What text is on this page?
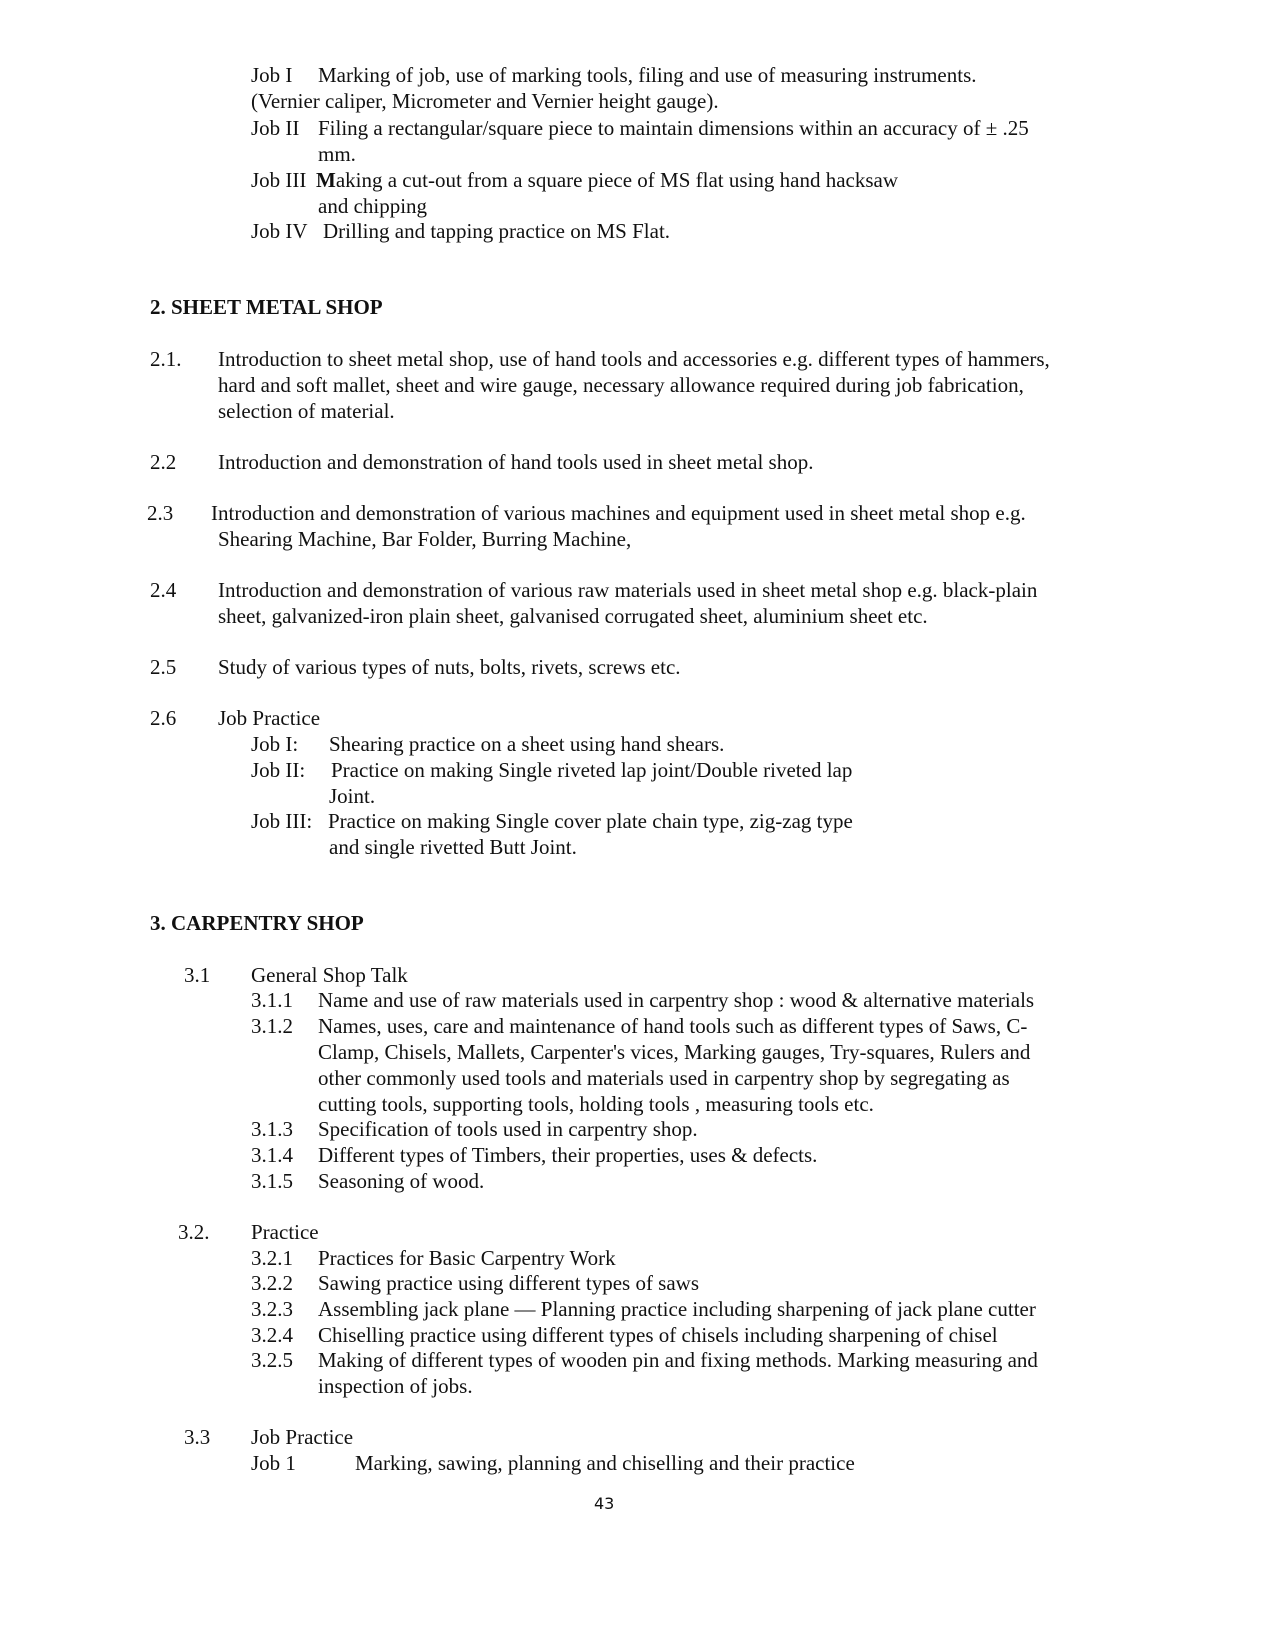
Job I Marking of job, use of marking tools, filing and use of measuring instruments.
(Vernier caliper, Micrometer and Vernier height gauge).
Job II Filing a rectangular/square piece to maintain dimensions within an accuracy of ± .25
mm.
Job III Making a cut-out from a square piece of MS flat using hand hacksaw
and chipping
Job IV Drilling and tapping practice on MS Flat.
2. SHEET METAL SHOP
2.1. Introduction to sheet metal shop, use of hand tools and accessories e.g. different types of hammers,
hard and soft mallet, sheet and wire gauge, necessary allowance required during job fabrication,
selection of material.
2.2 Introduction and demonstration of hand tools used in sheet metal shop.
2.3 Introduction and demonstration of various machines and equipment used in sheet metal shop e.g.
Shearing Machine, Bar Folder, Burring Machine,
2.4 Introduction and demonstration of various raw materials used in sheet metal shop e.g. black-plain
sheet, galvanized-iron plain sheet, galvanised corrugated sheet, aluminium sheet etc.
2.5 Study of various types of nuts, bolts, rivets, screws etc.
2.6 Job Practice
Job I: Shearing practice on a sheet using hand shears.
Job II: Practice on making Single riveted lap joint/Double riveted lap
Joint.
Job III: Practice on making Single cover plate chain type, zig-zag type
and single rivetted Butt Joint.
3. CARPENTRY SHOP
3.1 General Shop Talk
3.1.1 Name and use of raw materials used in carpentry shop : wood & alternative materials
3.1.2 Names, uses, care and maintenance of hand tools such as different types of Saws, C-
Clamp, Chisels, Mallets, Carpenter's vices, Marking gauges, Try-squares, Rulers and
other commonly used tools and materials used in carpentry shop by segregating as
cutting tools, supporting tools, holding tools , measuring tools etc.
3.1.3 Specification of tools used in carpentry shop.
3.1.4 Different types of Timbers, their properties, uses & defects.
3.1.5 Seasoning of wood.
3.2. Practice
3.2.1 Practices for Basic Carpentry Work
3.2.2 Sawing practice using different types of saws
3.2.3 Assembling jack plane — Planning practice including sharpening of jack plane cutter
3.2.4 Chiselling practice using different types of chisels including sharpening of chisel
3.2.5 Making of different types of wooden pin and fixing methods. Marking measuring and
inspection of jobs.
3.3 Job Practice
Job 1	Marking, sawing, planning and chiselling and their practice
43
